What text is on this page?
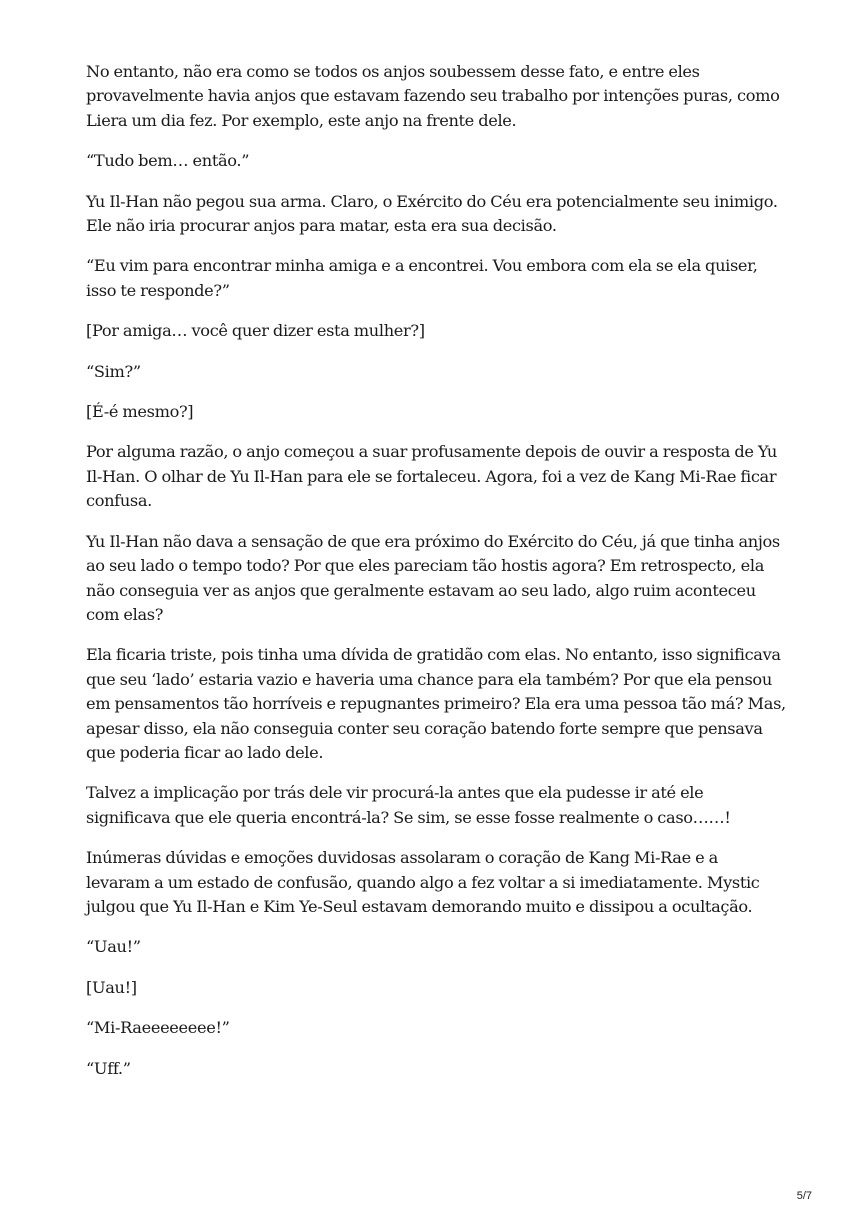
No entanto, não era como se todos os anjos soubessem desse fato, e entre eles provavelmente havia anjos que estavam fazendo seu trabalho por intenções puras, como Liera um dia fez. Por exemplo, este anjo na frente dele.

“Tudo bem… então.”

Yu Il-Han não pegou sua arma. Claro, o Exército do Céu era potencialmente seu inimigo. Ele não iria procurar anjos para matar, esta era sua decisão.

“Eu vim para encontrar minha amiga e a encontrei. Vou embora com ela se ela quiser, isso te responde?”

[Por amiga… você quer dizer esta mulher?]

“Sim?”

[É-é mesmo?]

Por alguma razão, o anjo começou a suar profusamente depois de ouvir a resposta de Yu Il-Han. O olhar de Yu Il-Han para ele se fortaleceu. Agora, foi a vez de Kang Mi-Rae ficar confusa.

Yu Il-Han não dava a sensação de que era próximo do Exército do Céu, já que tinha anjos ao seu lado o tempo todo? Por que eles pareciam tão hostis agora? Em retrospecto, ela não conseguia ver as anjos que geralmente estavam ao seu lado, algo ruim aconteceu com elas?

Ela ficaria triste, pois tinha uma dívida de gratidão com elas. No entanto, isso significava que seu ‘lado’ estaria vazio e haveria uma chance para ela também? Por que ela pensou em pensamentos tão horríveis e repugnantes primeiro? Ela era uma pessoa tão má? Mas, apesar disso, ela não conseguia conter seu coração batendo forte sempre que pensava que poderia ficar ao lado dele.

Talvez a implicação por trás dele vir procurá-la antes que ela pudesse ir até ele significava que ele queria encontrá-la? Se sim, se esse fosse realmente o caso……!

Inúmeras dúvidas e emoções duvidosas assolaram o coração de Kang Mi-Rae e a levaram a um estado de confusão, quando algo a fez voltar a si imediatamente. Mystic julgou que Yu Il-Han e Kim Ye-Seul estavam demorando muito e dissipou a ocultação.

“Uau!”

[Uau!]

“Mi-Raeeeeeeee!”

“Uff.”

5/7
